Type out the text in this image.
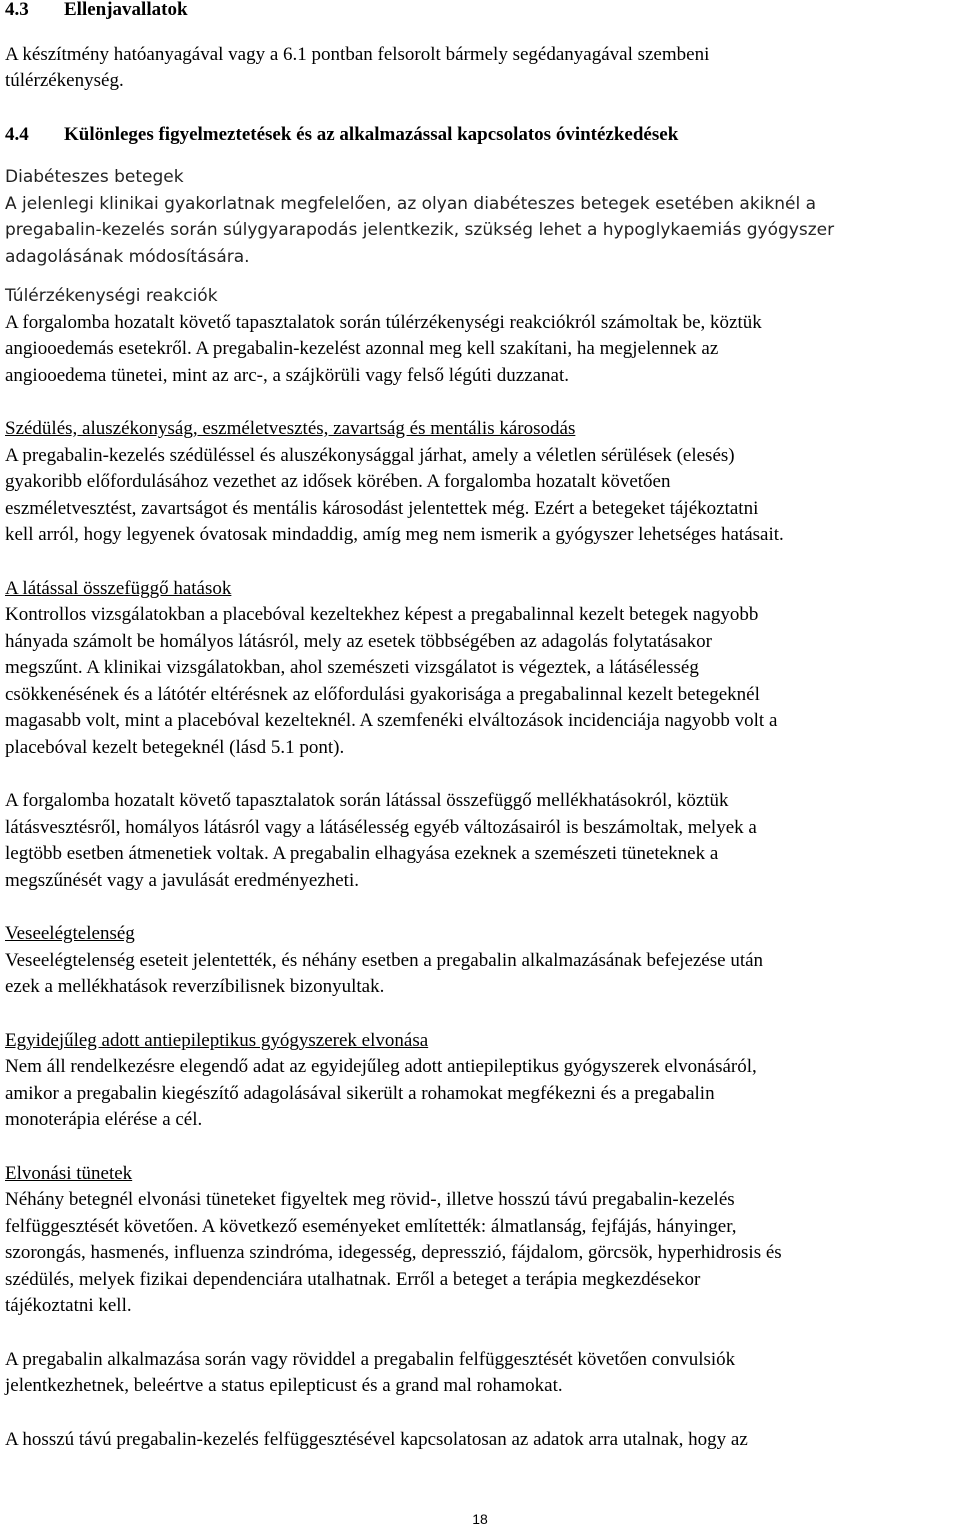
4.3	Ellenjavallatok
A készítmény hatóanyagával vagy a 6.1 pontban felsorolt bármely segédanyagával szembeni
túlérzékenység.
4.4	Különleges figyelmeztetések és az alkalmazással kapcsolatos óvintézkedések
Diabéteszes betegek
A jelenlegi klinikai gyakorlatnak megfelelően, az olyan diabéteszes betegek esetében akiknél a
pregabalin-kezelés során súlygyarapodás jelentkezik, szükség lehet a hypoglykaemiás gyógyszer
adagolásának módosítására.
Túlérzékenységi reakciók
A forgalomba hozatalt követő tapasztalatok során túlérzékenységi reakciókról számoltak be, köztük
angiooedemás esetekről. A pregabalin-kezelést azonnal meg kell szakítani, ha megjelennek az
angiooedema tünetei, mint az arc-, a szájkörüli vagy felső légúti duzzanat.
Szédülés, aluszékonyság, eszméletvesztés, zavartság és mentális károsodás
A pregabalin-kezelés szédüléssel és aluszékonysággal járhat, amely a véletlen sérülések (elesés)
gyakoribb előfordulásához vezethet az idősek körében. A forgalomba hozatalt követően
eszméletvesztést, zavartságot és mentális károsodást jelentettek még. Ezért a betegeket tájékoztatni
kell arról, hogy legyenek óvatosak mindaddig, amíg meg nem ismerik a gyógyszer lehetséges hatásait.
A látással összefüggő hatások
Kontrollos vizsgálatokban a placebóval kezeltekhez képest a pregabalinnal kezelt betegek nagyobb
hányada számolt be homályos látásról, mely az esetek többségében az adagolás folytatásakor
megszűnt. A klinikai vizsgálatokban, ahol szemészeti vizsgálatot is végeztek, a látásélesség
csökkenésének és a látótér eltérésnek az előfordulási gyakorisága a pregabalinnal kezelt betegeknél
magasabb volt, mint a placebóval kezelteknél. A szemfenéki elváltozások incidenciája nagyobb volt a
placebóval kezelt betegeknél (lásd 5.1 pont).
A forgalomba hozatalt követő tapasztalatok során látással összefüggő mellékhatásokról, köztük
látásvesztésről, homályos látásról vagy a látásélesség egyéb változásairól is beszámoltak, melyek a
legtöbb esetben átmenetiek voltak. A pregabalin elhagyása ezeknek a szemészeti tüneteknek a
megszűnését vagy a javulását eredményezheti.
Veseelégtelenség
Veseelégtelenség eseteit jelentették, és néhány esetben a pregabalin alkalmazásának befejezése után
ezek a mellékhatások reverzíbilisnek bizonyultak.
Egyidejűleg adott antiepileptikus gyógyszerek elvonása
Nem áll rendelkezésre elegendő adat az egyidejűleg adott antiepileptikus gyógyszerek elvonásáról,
amikor a pregabalin kiegészítő adagolásával sikerült a rohamokat megfékezni és a pregabalin
monoterápia elérése a cél.
Elvonási tünetek
Néhány betegnél elvonási tüneteket figyeltek meg rövid-, illetve hosszú távú pregabalin-kezelés
felfüggesztését követően. A következő eseményeket említették: álmatlanság, fejfájás, hányinger,
szorongás, hasmenés, influenza szindróma, idegesség, depresszió, fájdalom, görcsök, hyperhidrosis és
szédülés, melyek fizikai dependenciára utalhatnak. Erről a beteget a terápia megkezdésekor
tájékoztatni kell.
A pregabalin alkalmazása során vagy röviddel a pregabalin felfüggesztését követően convulsiók
jelentkezhetnek, beleértve a status epilepticust és a grand mal rohamokat.
A hosszú távú pregabalin-kezelés felfüggesztésével kapcsolatosan az adatok arra utalnak, hogy az
18
